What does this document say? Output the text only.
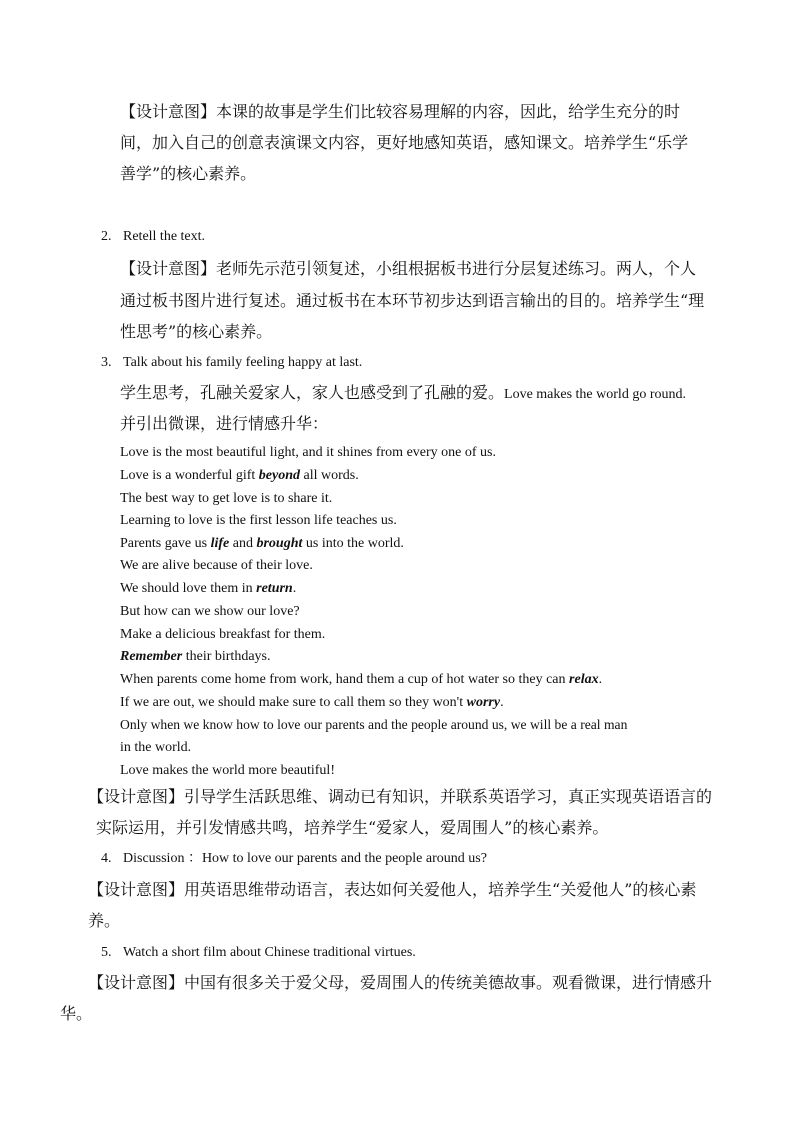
【设计意图】本课的故事是学生们比较容易理解的内容，因此，给学生充分的时
间，加入自己的创意表演课文内容，更好地感知英语，感知课文。培养学生“乐学
善学”的核心素养。
2. Retell the text.
【设计意图】老师先示范引领复述，小组根据板书进行分层复述练习。两人，个人
通过板书图片进行复述。通过板书在本环节初步达到语言输出的目的。培养学生“理
性思考”的核心素养。
3. Talk about his family feeling happy at last.
学生思考，孔融关爱家人，家人也感受到了孔融的爱。Love makes the world go round.
并引出微课，进行情感升华：
Love is the most beautiful light, and it shines from every one of us.
Love is a wonderful gift beyond all words.
The best way to get love is to share it.
Learning to love is the first lesson life teaches us.
Parents gave us life and brought us into the world.
We are alive because of their love.
We should love them in return.
But how can we show our love?
Make a delicious breakfast for them.
Remember their birthdays.
When parents come home from work, hand them a cup of hot water so they can relax.
If we are out, we should make sure to call them so they won't worry.
Only when we know how to love our parents and the people around us, we will be a real man
in the world.
Love makes the world more beautiful!
【设计意图】引导学生活跃思维、调动已有知识，并联系英语学习，真正实现英语语言的
实际运用，并引发情感共鸣，培养学生“爱家人，爱周围人”的核心素养。
4. Discussion ：How to love our parents and the people around us?
【设计意图】用英语思维带动语言，表达如何关爱他人，培养学生“关爱他人”的核心素
养。
5. Watch a short film about Chinese traditional virtues.
【设计意图】中国有很多关于爱父母，爱周围人的传统美德故事。观看微课，进行情感升
华。
